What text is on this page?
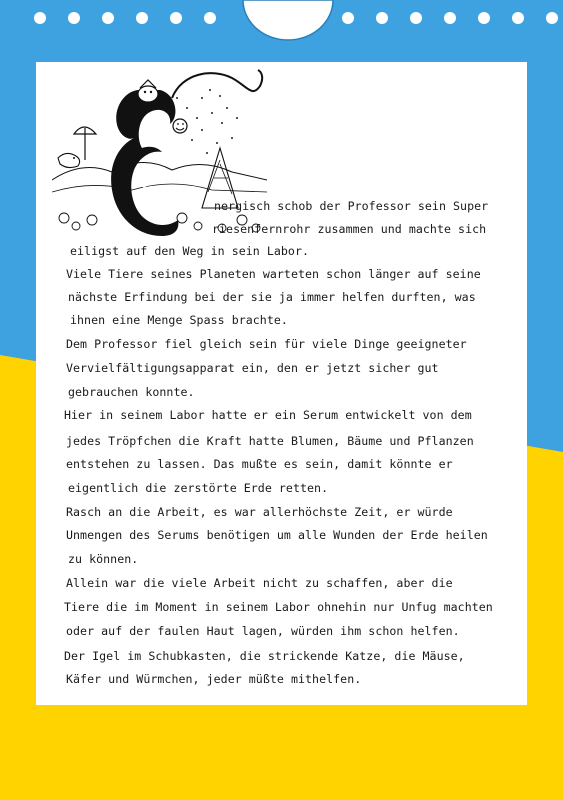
nergisch schob der Professor sein Super
riesenfernrohr zusammen und machte sich
eiligst auf den Weg in sein Labor.
Viele Tiere seines Planeten warteten schon länger auf seine
nächste Erfindung bei der sie ja immer helfen durften, was
ihnen eine Menge Spass brachte.
Dem Professor fiel gleich sein für viele Dinge geeigneter
Vervielfältigungsapparat ein, den er jetzt sicher gut
gebrauchen konnte.
Hier in seinem Labor hatte er ein Serum entwickelt von dem
jedes Tröpfchen die Kraft hatte Blumen, Bäume und Pflanzen
entstehen zu lassen. Das mußte es sein, damit könnte er
eigentlich die zerstörte Erde retten.
Rasch an die Arbeit, es war allerhöchste Zeit, er würde
Unmengen des Serums benötigen um alle Wunden der Erde heilen
zu können.
Allein war die viele Arbeit nicht zu schaffen, aber die
Tiere die im Moment in seinem Labor ohnehin nur Unfug machten
oder auf der faulen Haut lagen, würden ihm schon helfen.
Der Igel im Schubkasten, die strickende Katze, die Mäuse,
Käfer und Würmchen, jeder müßte mithelfen.
